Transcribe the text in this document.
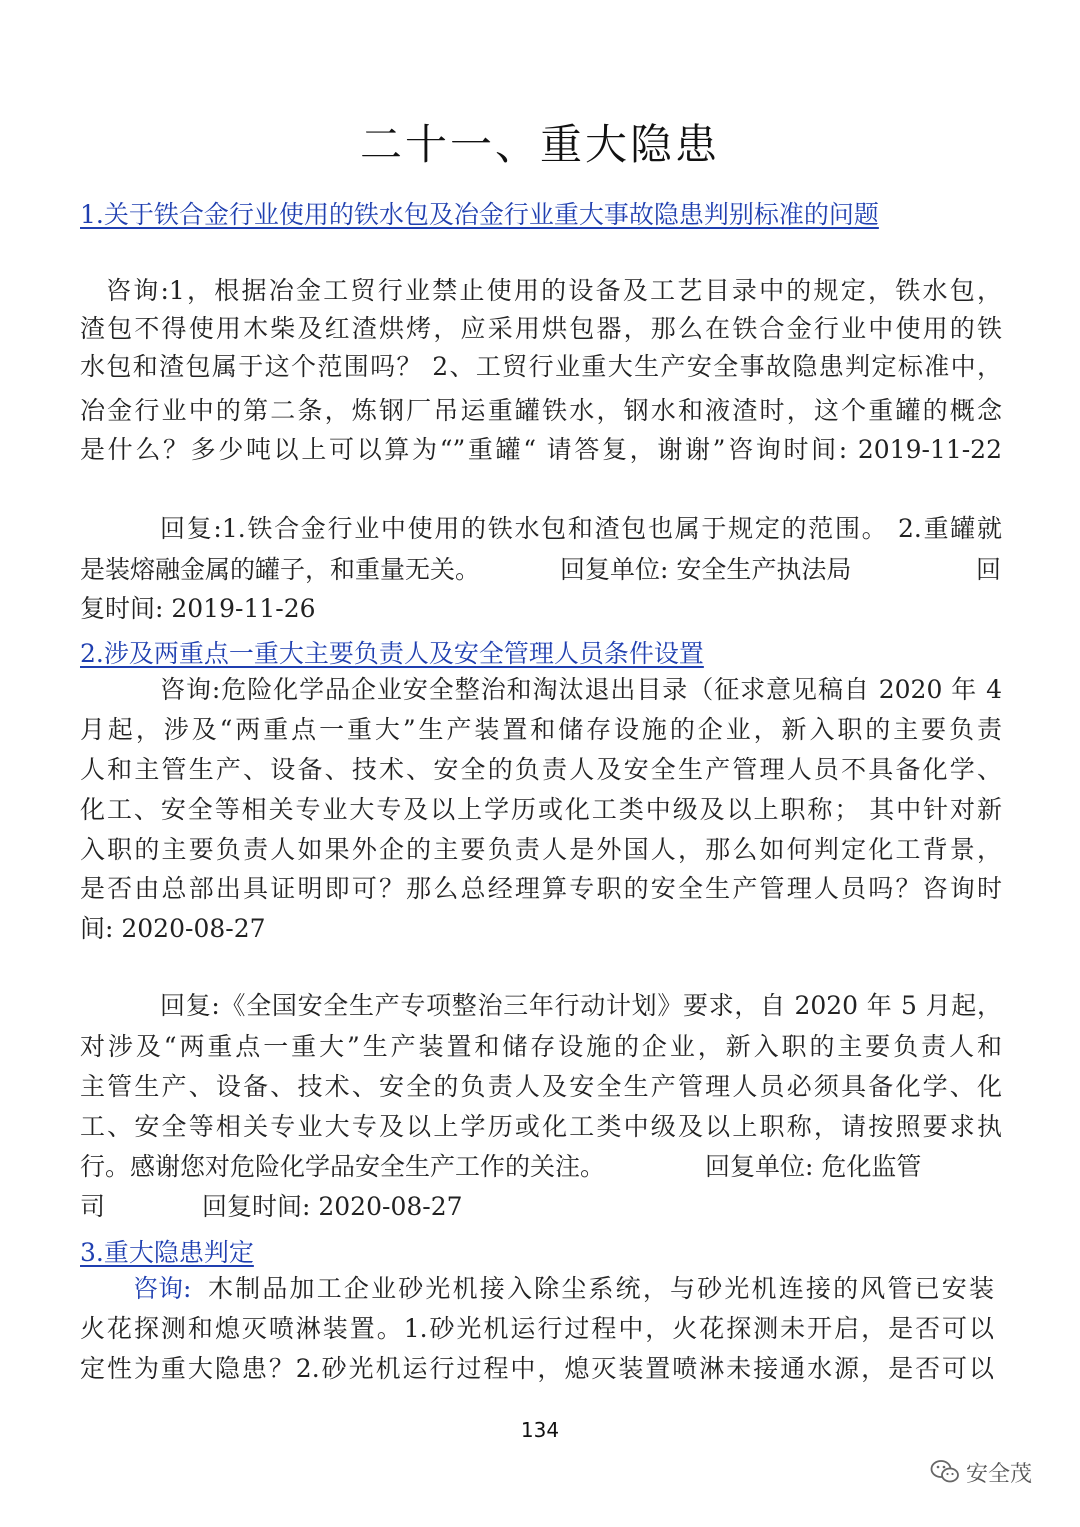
二十一、重大隐患
1.关于铁合金行业使用的铁水包及冶金行业重大事故隐患判别标准的问题
咨询:1，根据冶金工贸行业禁止使用的设备及工艺目录中的规定，铁水包，
渣包不得使用木柴及红渣烘烤，应采用烘包器，那么在铁合金行业中使用的铁
水包和渣包属于这个范围吗？ 2、工贸行业重大生产安全事故隐患判定标准中，
冶金行业中的第二条，炼钢厂吊运重罐铁水，钢水和液渣时，这个重罐的概念
是什么？多少吨以上可以算为“”重罐“ 请答复，谢谢”咨询时间: 2019-11-22
回复:1.铁合金行业中使用的铁水包和渣包也属于规定的范围。 2.重罐就
是装熔融金属的罐子，和重量无关。	回复单位: 安全生产执法局	回
复时间: 2019-11-26
2.涉及两重点一重大主要负责人及安全管理人员条件设置
咨询:危险化学品企业安全整治和淘汰退出目录（征求意见稿自 2020 年 4
月起，涉及“两重点一重大”生产装置和储存设施的企业，新入职的主要负责
人和主管生产、设备、技术、安全的负责人及安全生产管理人员不具备化学、
化工、安全等相关专业大专及以上学历或化工类中级及以上职称； 其中针对新
入职的主要负责人如果外企的主要负责人是外国人，那么如何判定化工背景，
是否由总部出具证明即可？那么总经理算专职的安全生产管理人员吗？咨询时
间: 2020-08-27
回复:《全国安全生产专项整治三年行动计划》要求，自 2020 年 5 月起，
对涉及“两重点一重大”生产装置和储存设施的企业，新入职的主要负责人和
主管生产、设备、技术、安全的负责人及安全生产管理人员必须具备化学、化
工、安全等相关专业大专及以上学历或化工类中级及以上职称，请按照要求执
行。感谢您对危险化学品安全生产工作的关注。	回复单位: 危化监管
司	回复时间: 2020-08-27
3.重大隐患判定
咨询: 木制品加工企业砂光机接入除尘系统，与砂光机连接的风管已安装
火花探测和熄灭喷淋装置。1.砂光机运行过程中，火花探测未开启，是否可以
定性为重大隐患？2.砂光机运行过程中，熄灭装置喷淋未接通水源，是否可以
134
安全茂
